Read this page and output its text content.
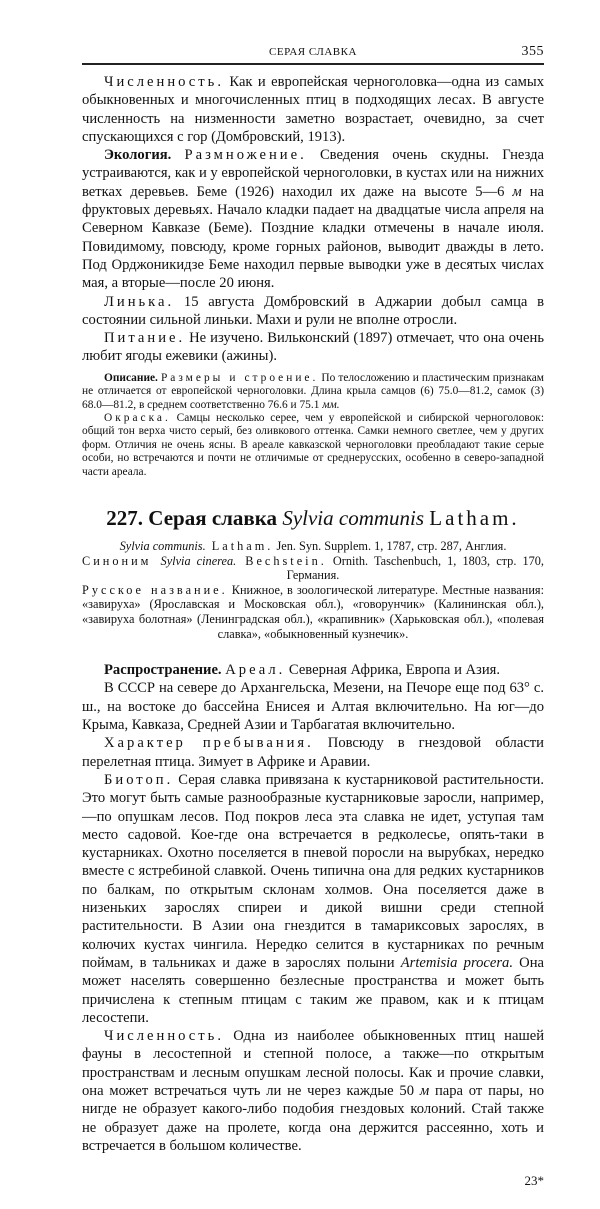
СЕРАЯ СЛАВКА	355

Численность. Как и европейская черноголовка—одна из самых обыкновенных и многочисленных птиц в подходящих лесах. В августе численность на низменности заметно возрастает, очевидно, за счет спускающихся с гор (Домбровский, 1913).

Экология. Размножение. Сведения очень скудны. Гнезда устраиваются, как и у европейской черноголовки, в кустах или на нижних ветках деревьев. Беме (1926) находил их даже на высоте 5—6 м на фруктовых деревьях. Начало кладки падает на двадцатые числа апреля на Северном Кавказе (Беме). Поздние кладки отмечены в начале июля. Повидимому, повсюду, кроме горных районов, выводит дважды в лето. Под Орджоникидзе Беме находил первые выводки уже в десятых числах мая, а вторые—после 20 июня.

Линька. 15 августа Домбровский в Аджарии добыл самца в состоянии сильной линьки. Махи и рули не вполне отросли.

Питание. Не изучено. Вильконский (1897) отмечает, что она очень любит ягоды ежевики (ажины).

Описание. Размеры и строение. По телосложению и пластическим признакам не отличается от европейской черноголовки. Длина крыла самцов (6) 75.0—81.2, самок (3) 68.0—81.2, в среднем соответственно 76.6 и 75.1 мм.

Окраска. Самцы несколько серее, чем у европейской и сибирской черноголовок: общий тон верха чисто серый, без оливкового оттенка. Самки немного светлее, чем у других форм. Отличия не очень ясны. В ареале кавказской черноголовки преобладают такие серые особи, но встречаются и почти не отличимые от среднерусских, особенно в северо-западной части ареала.

227. Серая славка Sylvia communis Latham.

Sylvia communis. Latham. Jen. Syn. Supplem. 1, 1787, стр. 287, Англия.

Синоним Sylvia cinerea. Bechstein. Ornith. Taschenbuch, 1, 1803, стр. 170, Германия.

Русское название. Книжное, в зоологической литературе. Местные названия: «завируха» (Ярославская и Московская обл.), «говорунчик» (Калининская обл.), «завируха болотная» (Ленинградская обл.), «крапивник» (Харьковская обл.), «полевая славка», «обыкновенный кузнечик».

Распространение. Ареал. Северная Африка, Европа и Азия.

В СССР на севере до Архангельска, Мезени, на Печоре еще под 63° с. ш., на востоке до бассейна Енисея и Алтая включительно. На юг—до Крыма, Кавказа, Средней Азии и Тарбагатая включительно.

Характер пребывания. Повсюду в гнездовой области перелетная птица. Зимует в Африке и Аравии.

Биотоп. Серая славка привязана к кустарниковой растительности. Это могут быть самые разнообразные кустарниковые заросли, например,—по опушкам лесов. Под покров леса эта славка не идет, уступая там место садовой. Кое-где она встречается в редколесье, опять-таки в кустарниках. Охотно поселяется в пневой поросли на вырубках, нередко вместе с ястребиной славкой. Очень типична она для редких кустарников по балкам, по открытым склонам холмов. Она поселяется даже в низеньких зарослях спиреи и дикой вишни среди степной растительности. В Азии она гнездится в тамариксовых зарослях, в колючих кустах чингила. Нередко селится в кустарниках по речным поймам, в тальниках и даже в зарослях полыни Artemisia procera. Она может населять совершенно безлесные пространства и может быть причислена к степным птицам с таким же правом, как и к птицам лесостепи.

Численность. Одна из наиболее обыкновенных птиц нашей фауны в лесостепной и степной полосе, а также—по открытым пространствам и лесным опушкам лесной полосы. Как и прочие славки, она может встречаться чуть ли не через каждые 50 м пара от пары, но нигде не образует какого-либо подобия гнездовых колоний. Стай также не образует даже на пролете, когда она держится рассеянно, хоть и встречается в большом количестве.

23*
